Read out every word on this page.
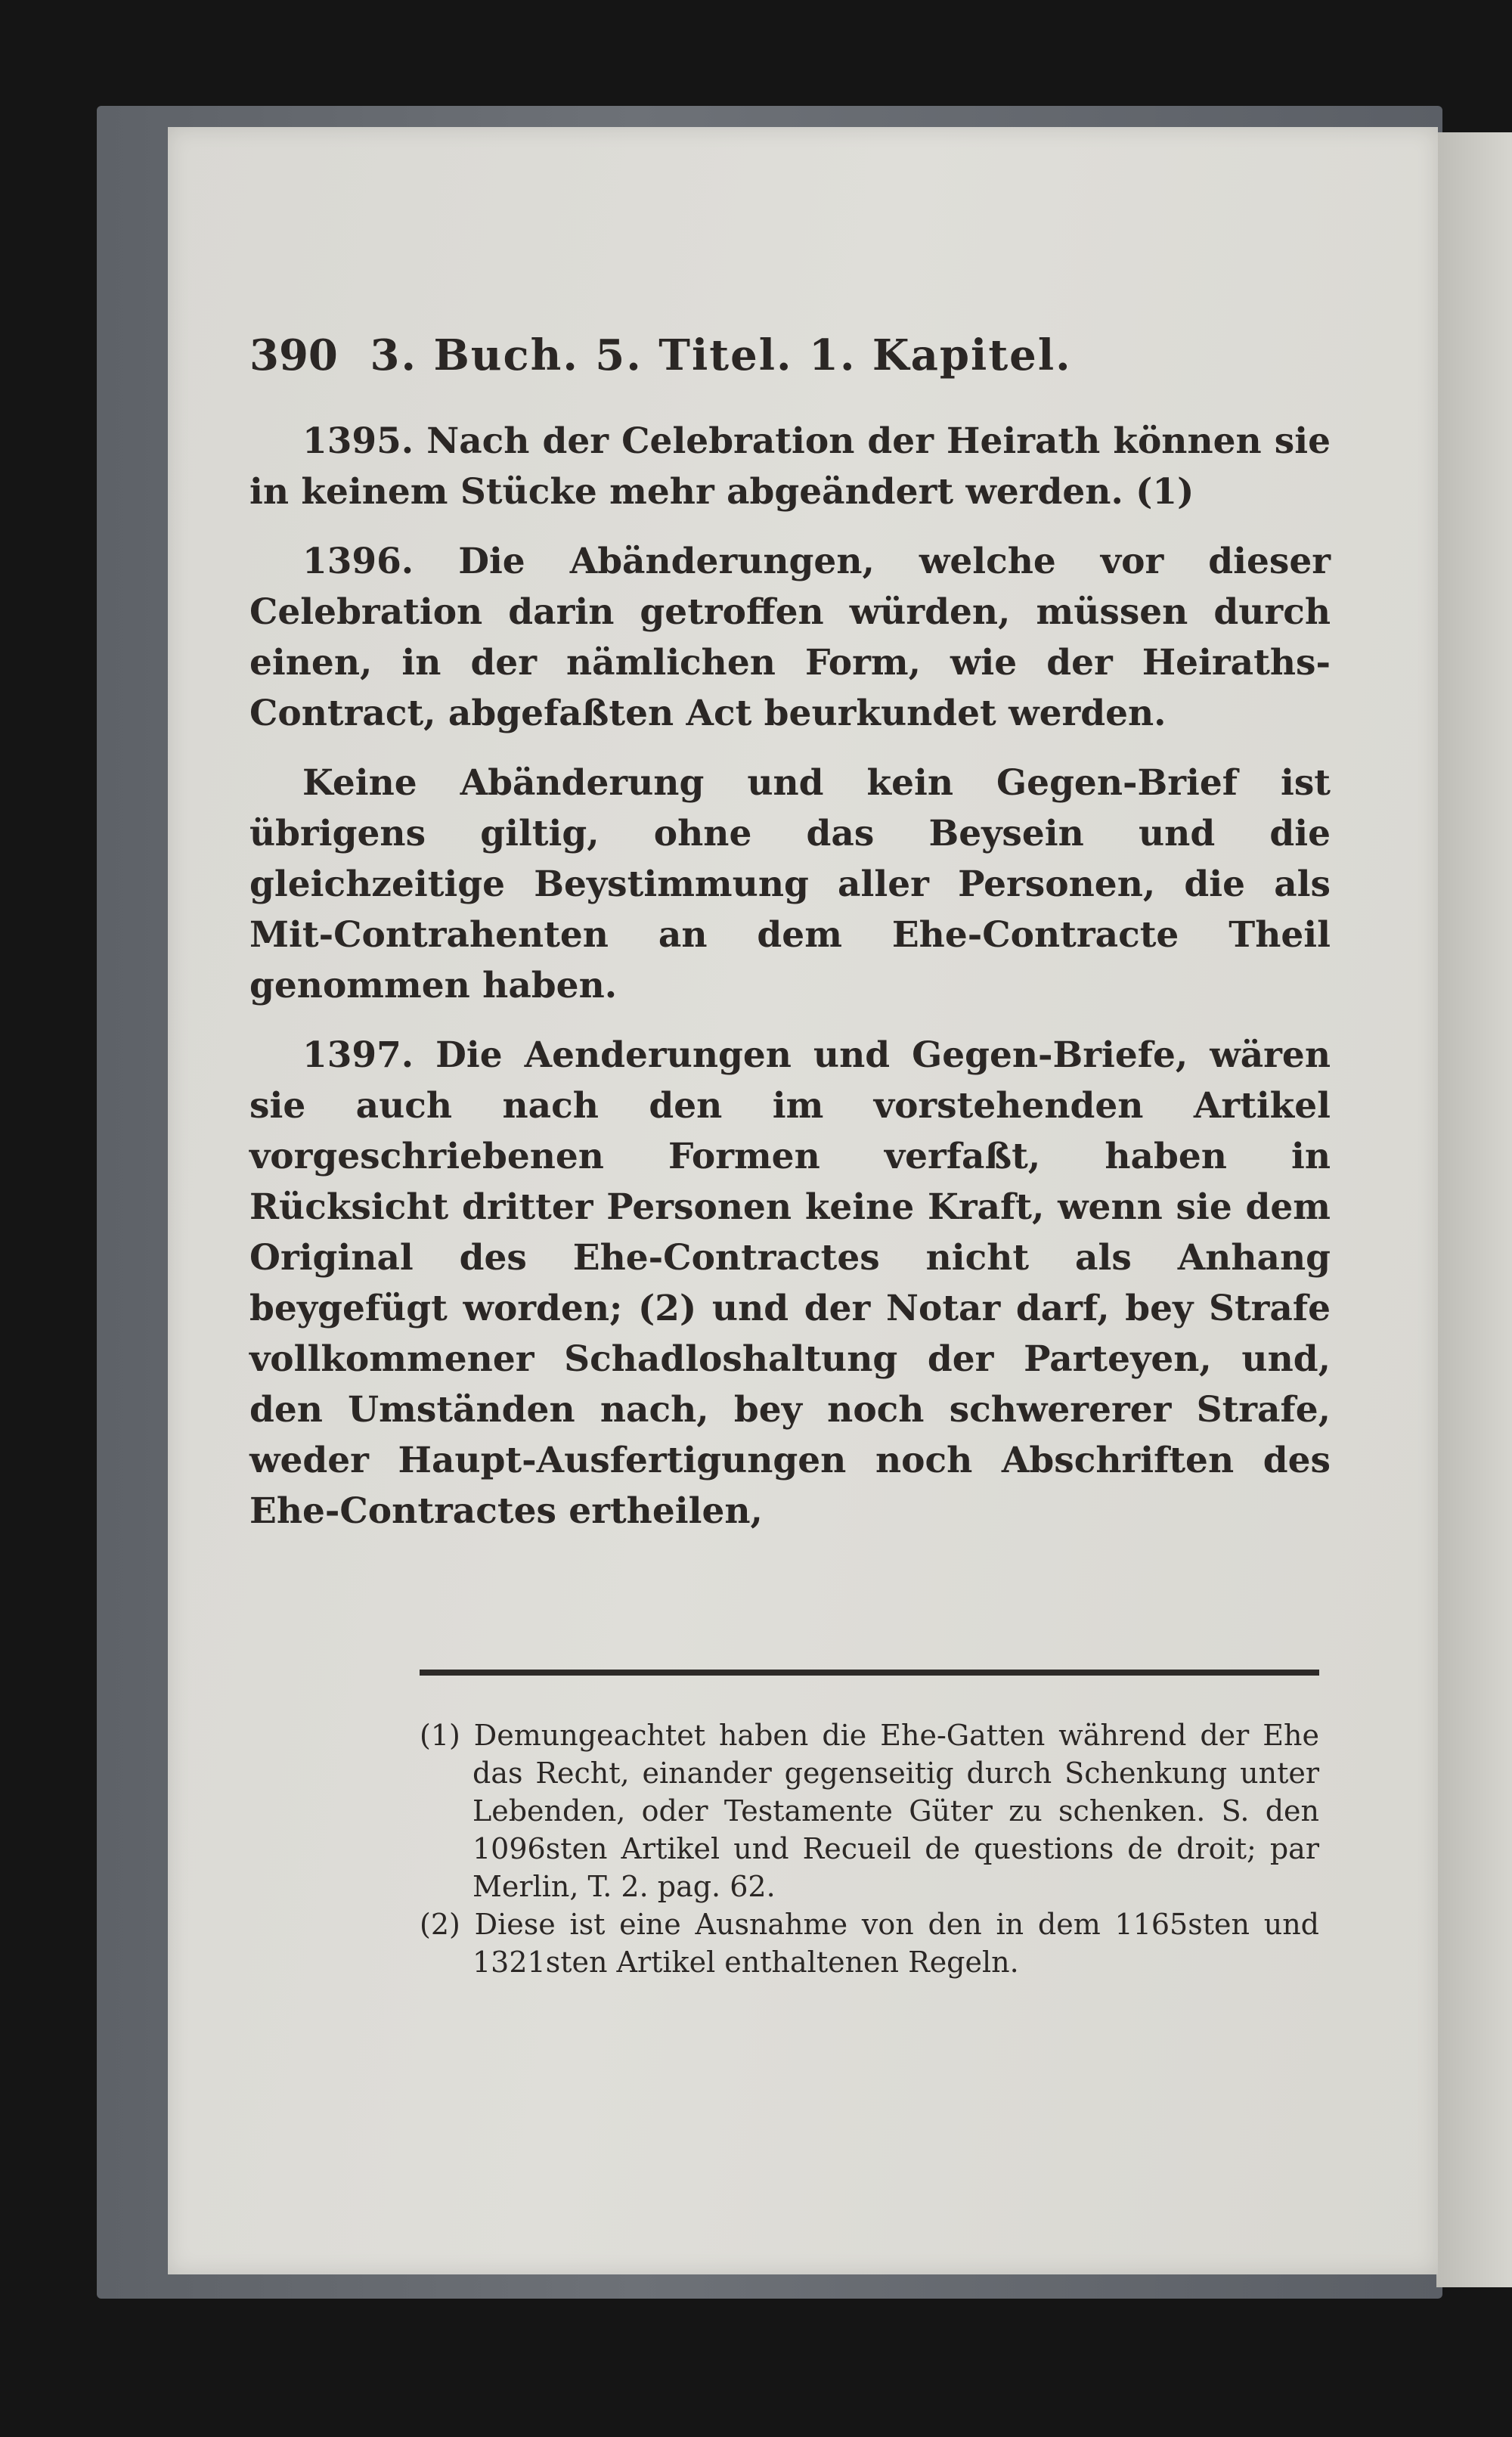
390 3. Buch. 5. Titel. 1. Kapitel.

1395. Nach der Celebration der Heirath können sie in keinem Stücke mehr abgeändert werden. (1)

1396. Die Abänderungen, welche vor dieser Celebration darin getroffen würden, müssen durch einen, in der nämlichen Form, wie der Heiraths-Contract, abgefaßten Act beurkundet werden.

Keine Abänderung und kein Gegen-Brief ist übrigens giltig, ohne das Beysein und die gleichzeitige Beystimmung aller Personen, die als Mit-Contrahenten an dem Ehe-Contracte Theil genommen haben.

1397. Die Aenderungen und Gegen-Briefe, wären sie auch nach den im vorstehenden Artikel vorgeschriebenen Formen verfaßt, haben in Rücksicht dritter Personen keine Kraft, wenn sie dem Original des Ehe-Contractes nicht als Anhang beygefügt worden; (2) und der Notar darf, bey Strafe vollkommener Schadloshaltung der Parteyen, und, den Umständen nach, bey noch schwererer Strafe, weder Haupt-Ausfertigungen noch Abschriften des Ehe-Contractes ertheilen,

(1) Demungeachtet haben die Ehe-Gatten während der Ehe das Recht, einander gegenseitig durch Schenkung unter Lebenden, oder Testamente Güter zu schenken. S. den 1096sten Artikel und Recueil de questions de droit; par Merlin, T. 2. pag. 62.

(2) Diese ist eine Ausnahme von den in dem 1165sten und 1321sten Artikel enthaltenen Regeln.
